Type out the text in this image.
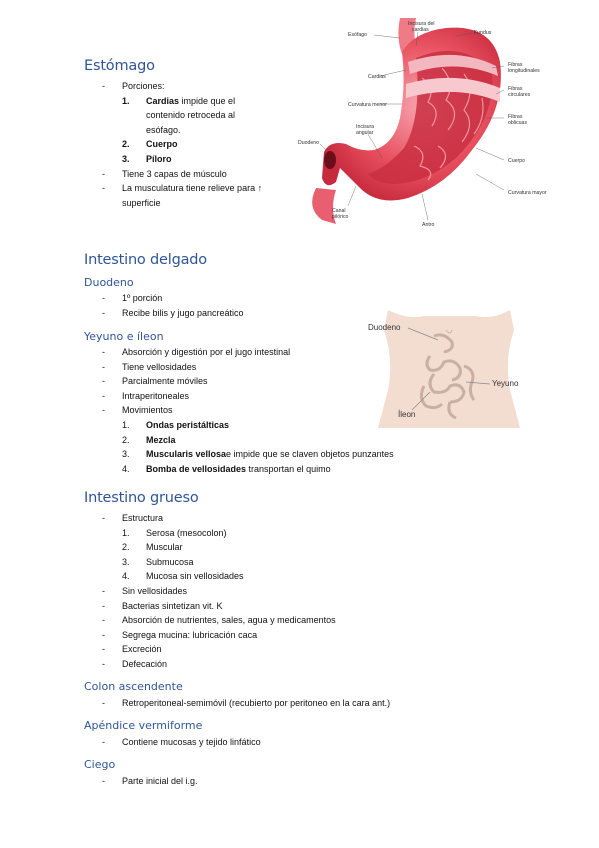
Estómago
- Porciones:
1. Cardias impide que el contenido retroceda al esófago.
2. Cuerpo
3. Píloro
- Tiene 3 capas de músculo
- La musculatura tiene relieve para ↑ superficie
Esófago
Incisura del
cardias	Fundus
Cardias
Fibras
longitudinales
Fibras
circulares
Curvatura menor
Fibras
oblicuas
Incisura
angular
Duodeno
Cuerpo
Canal
pilórico
Curvatura mayor
Antro
Intestino delgado
Duodeno
- 1º porción
- Recibe bilis y jugo pancreático
Yeyuno e íleon
- Absorción y digestión por el jugo intestinal
- Tiene vellosidades
- Parcialmente móviles
- Intraperitoneales
- Movimientos
1. Ondas peristálticas
2. Mezcla
3. Muscularis vellosae impide que se claven objetos punzantes
4. Bomba de vellosidades transportan el quimo
Duodeno
Yeyuno
Íleon
Intestino grueso
- Estructura
1. Serosa (mesocolon)
2. Muscular
3. Submucosa
4. Mucosa sin vellosidades
- Sin vellosidades
- Bacterias sintetizan vit. K
- Absorción de nutrientes, sales, agua y medicamentos
- Segrega mucina: lubricación caca
- Excreción
- Defecación
Colon ascendente
- Retroperitoneal-semimóvil (recubierto por peritoneo en la cara ant.)
Apéndice vermiforme
- Contiene mucosas y tejido linfático
Ciego
- Parte inicial del i.g.
